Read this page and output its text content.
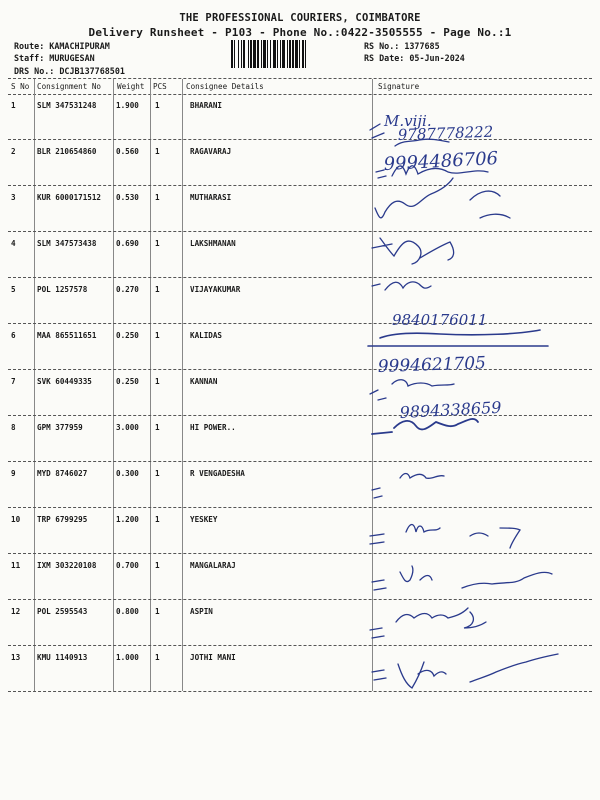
THE PROFESSIONAL COURIERS, COIMBATORE
Delivery Runsheet - P103 - Phone No.:0422-3505555 - Page No.:1
Route: KAMACHIPURAM
Staff: MURUGESAN
DRS No.: DCJB137768501
RS No.: 1377685
RS Date: 05-Jun-2024
S No Consignment No Weight PCS	Consignee Details	Signature
1	SLM 347531248	1.900 1	BHARANI
2	BLR 210654860	0.560 1	RAGAVARAJ
3	KUR 6000171512 0.530 1	MUTHARASI
4	SLM 347573438	0.690 1	LAKSHMANAN
5	POL 1257578	0.270 1	VIJAYAKUMAR
6	MAA 865511651	0.250 1	KALIDAS
7	SVK 60449335	0.250 1	KANNAN
8	GPM 377959	3.000 1	HI POWER..
9	MYD 8746027	0.300 1	R VENGADESHA
10 TRP 6799295	1.200 1	YESKEY
11 IXM 303220108	0.700 1	MANGALARAJ
12 POL 2595543	0.800 1	ASPIN
13 KMU 1140913	1.000 1	JOTHI MANI
M.viji.
9787778222
9994486706
9840176011
9994621705
9894338659
